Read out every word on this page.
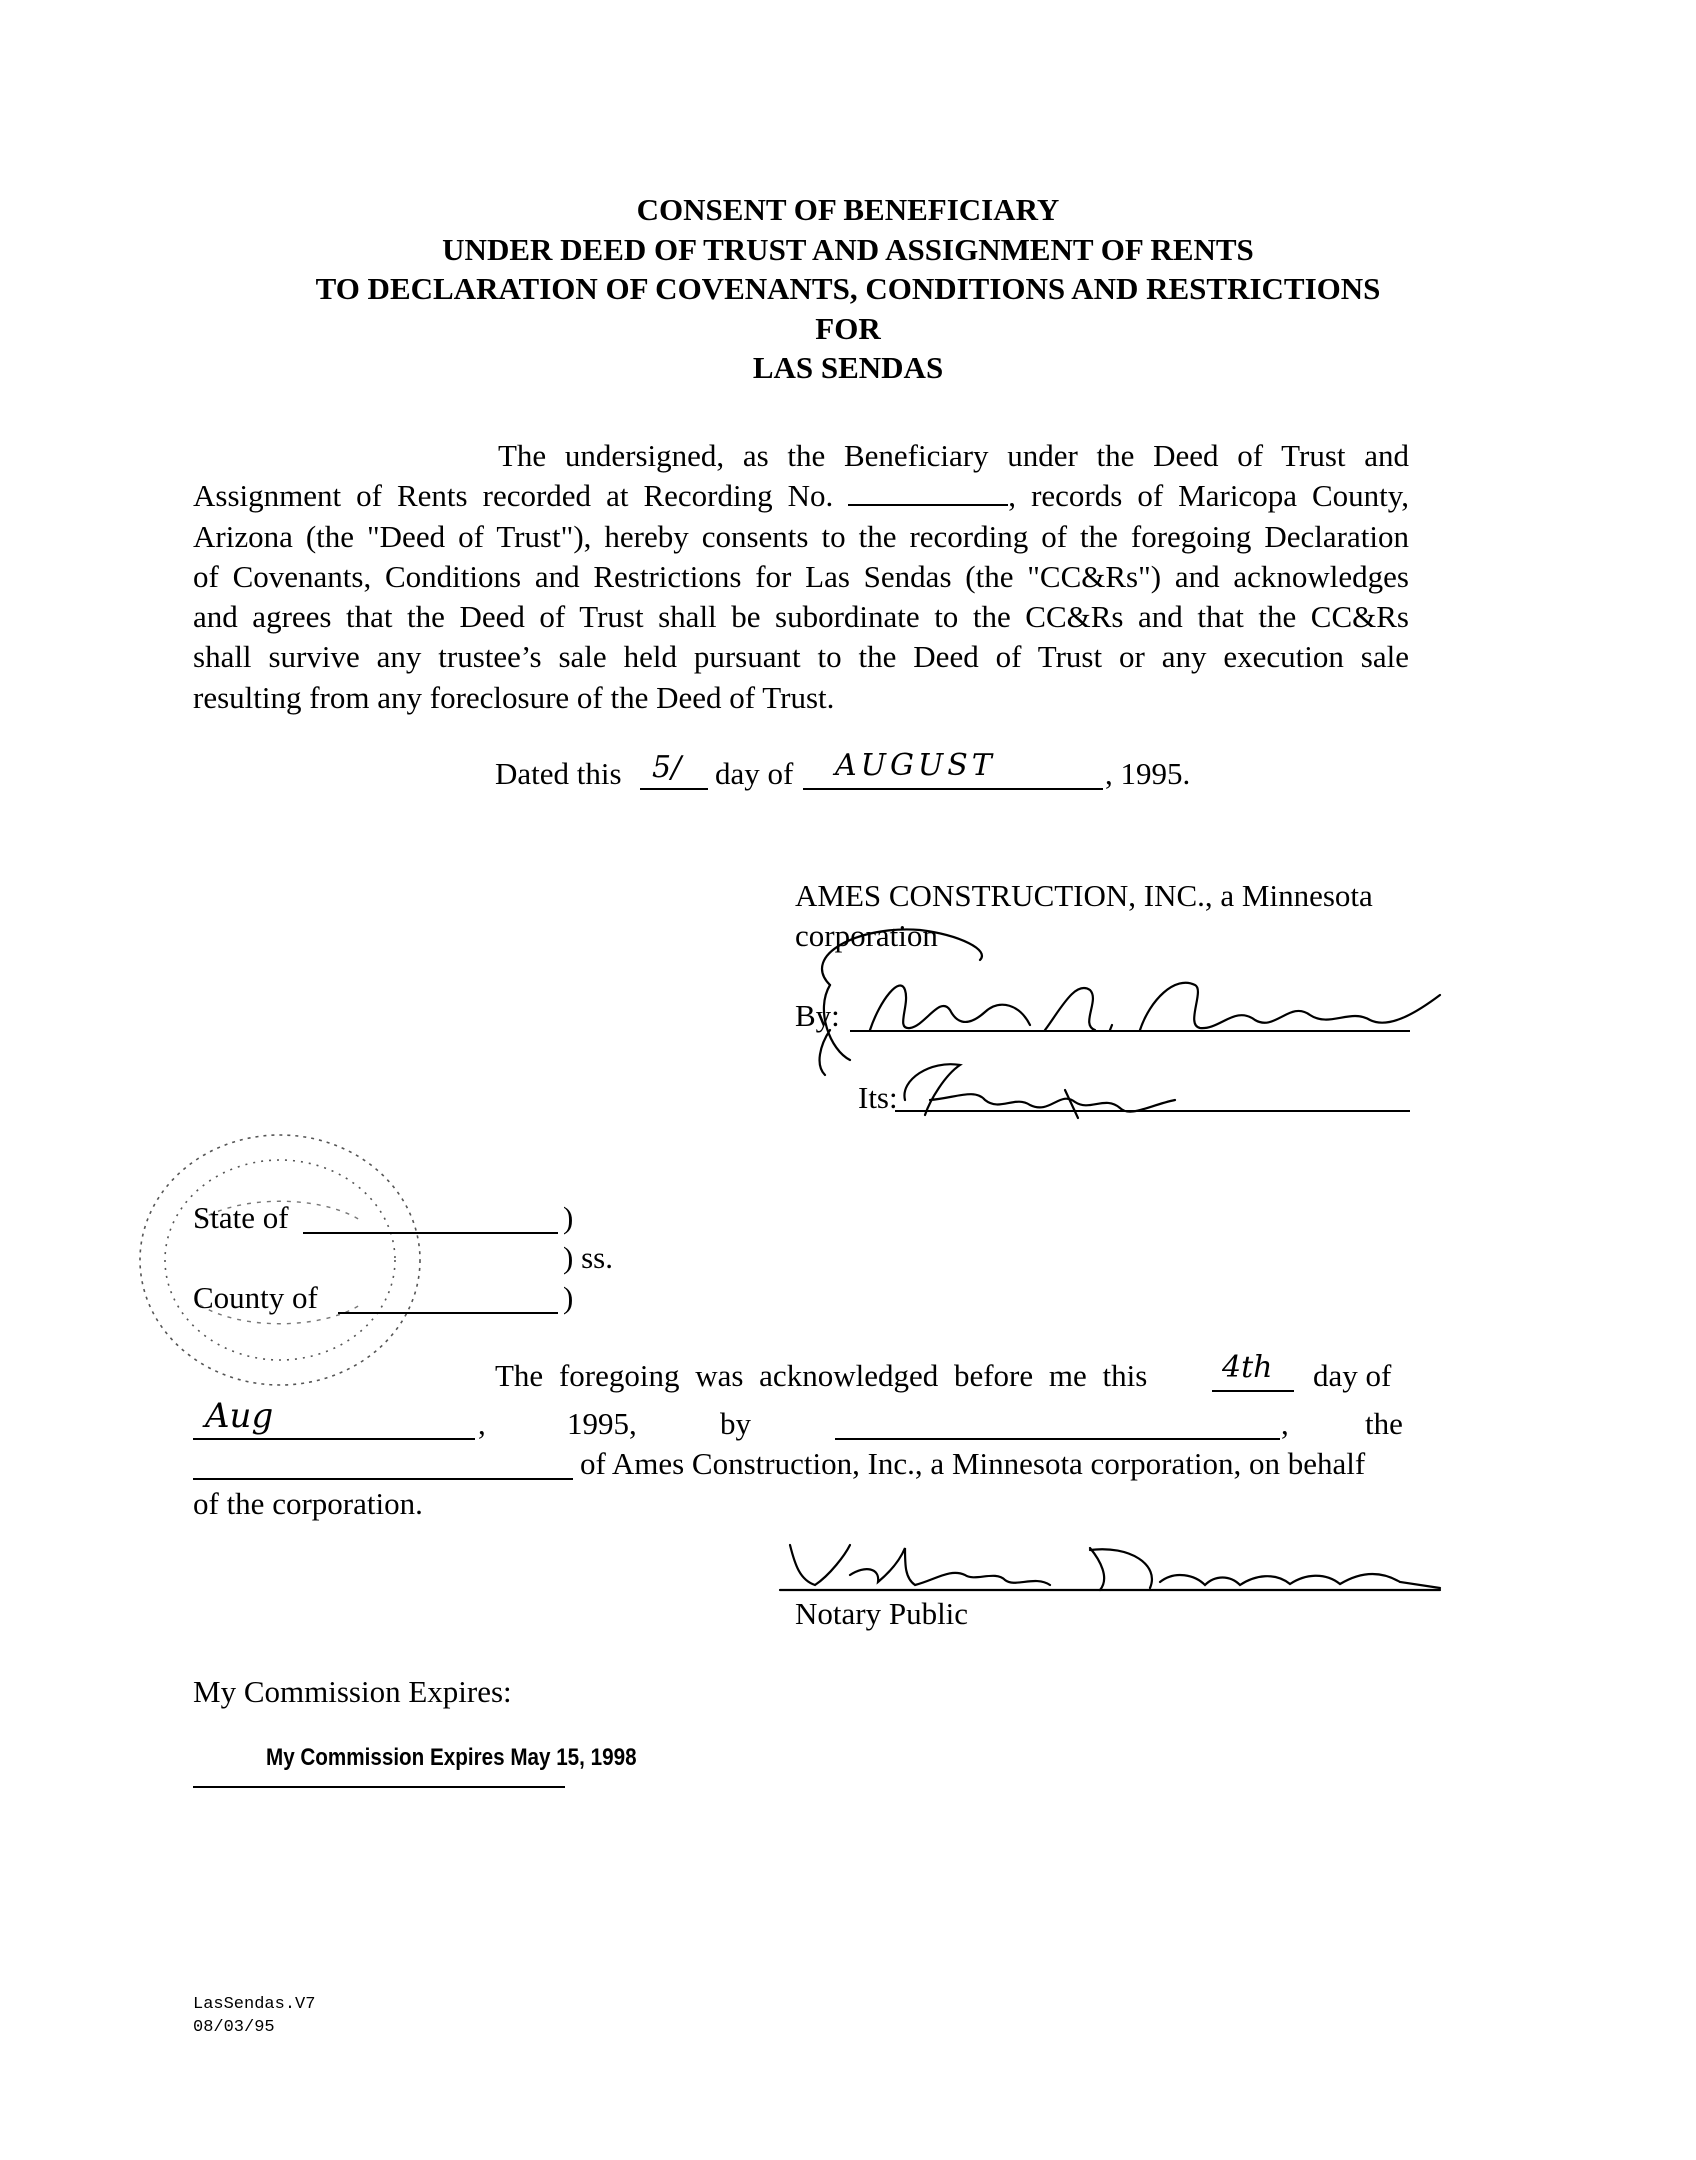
CONSENT OF BENEFICIARY
UNDER DEED OF TRUST AND ASSIGNMENT OF RENTS
TO DECLARATION OF COVENANTS, CONDITIONS AND RESTRICTIONS
FOR
LAS SENDAS
The undersigned, as the Beneficiary under the Deed of Trust and
Assignment of Rents recorded at Recording No.	, records of Maricopa County,
Arizona (the "Deed of Trust"), hereby consents to the recording of the foregoing Declaration
of Covenants, Conditions and Restrictions for Las Sendas (the "CC&Rs") and acknowledges
and agrees that the Deed of Trust shall be subordinate to the CC&Rs and that the CC&Rs
shall survive any trustee’s sale held pursuant to the Deed of Trust or any execution sale
resulting from any foreclosure of the Deed of Trust.
Dated this 5/ day of AUGUST	, 1995.
AMES CONSTRUCTION, INC., a Minnesota
corporation
By:
Its:
State of	)
) ss.
County of	)
The foregoing was acknowledged before me this 4th day of
Aug	,	1995,	by	, the
of Ames Construction, Inc., a Minnesota corporation, on behalf
of the corporation.
Notary Public
My Commission Expires:
My Commission Expires May 15, 1998
LasSendas.V7
08/03/95
